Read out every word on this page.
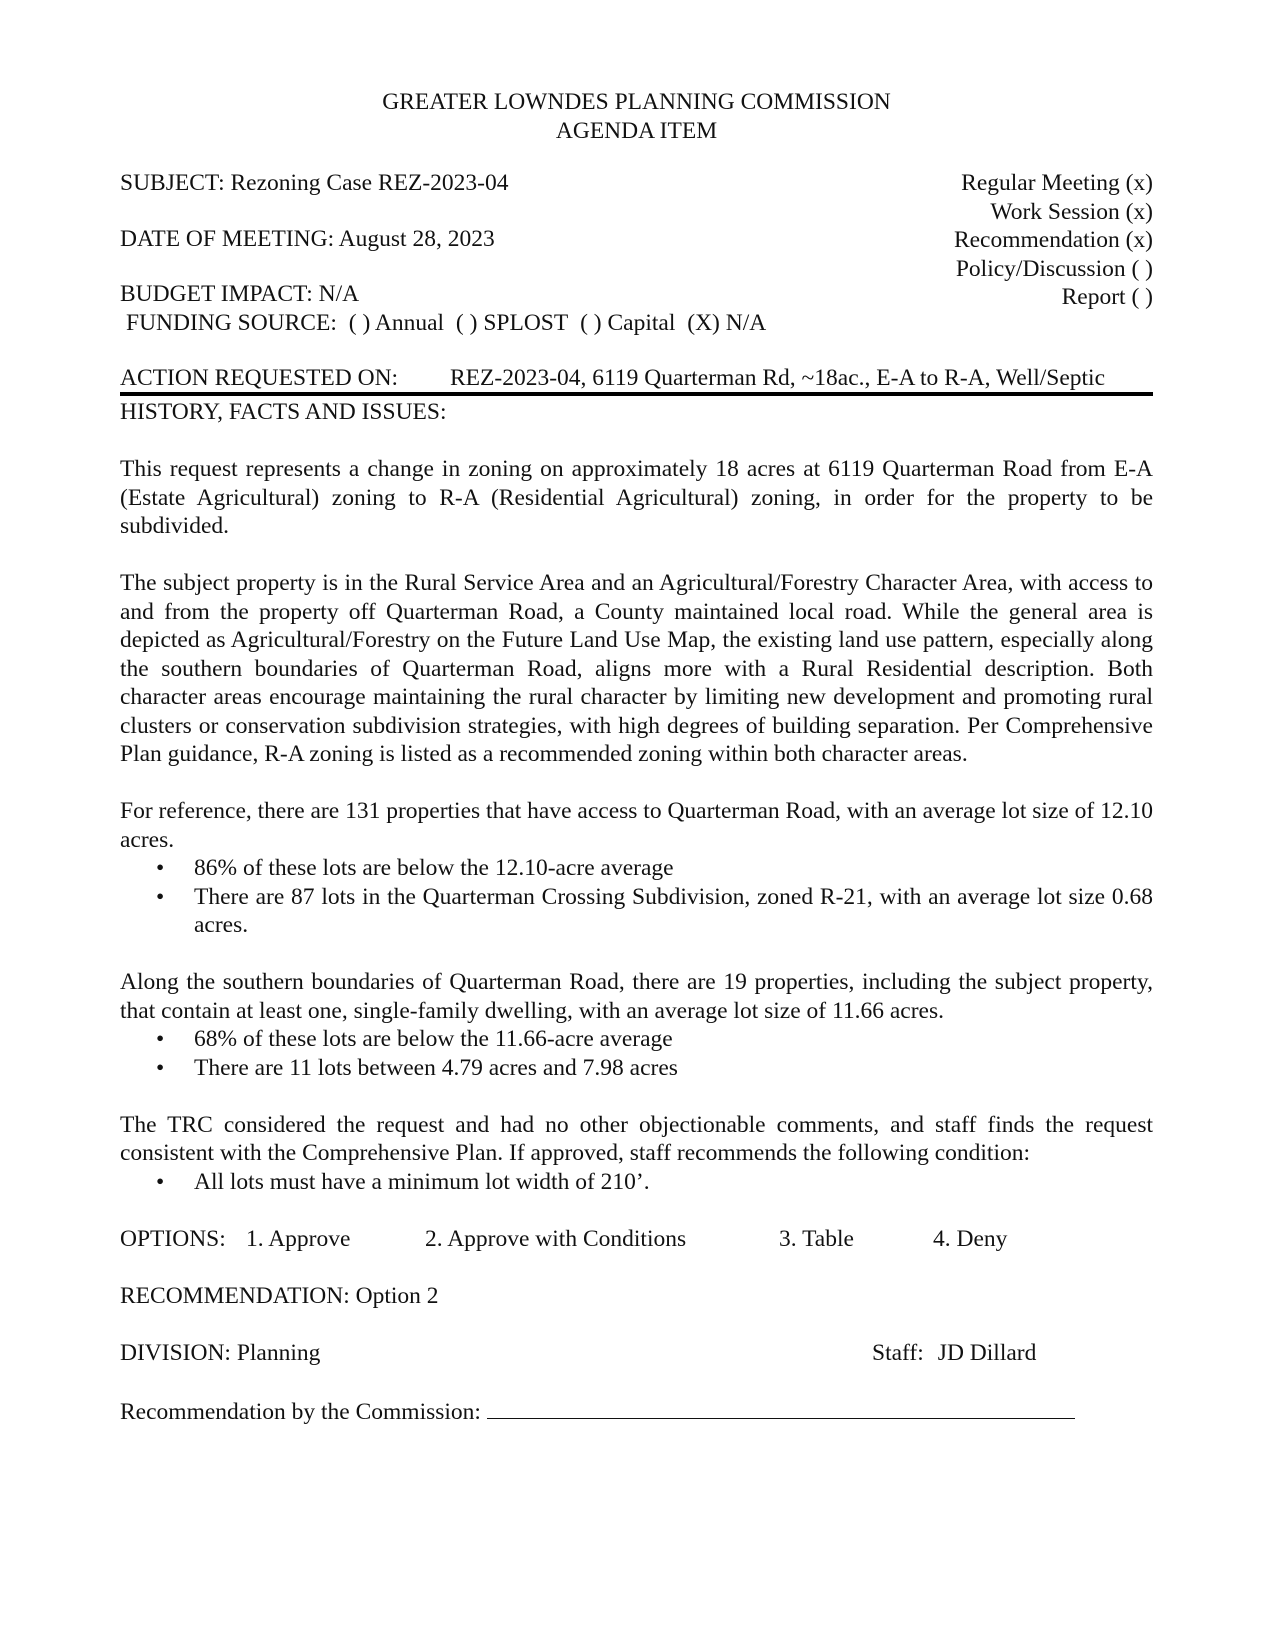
GREATER LOWNDES PLANNING COMMISSION
AGENDA ITEM
SUBJECT: Rezoning Case REZ-2023-04
DATE OF MEETING: August 28, 2023
BUDGET IMPACT: N/A
Regular Meeting (x)
Work Session (x)
Recommendation (x)
Policy/Discussion ( )
Report ( )
FUNDING SOURCE: ( ) Annual ( ) SPLOST ( ) Capital (X) N/A
ACTION REQUESTED ON:	REZ-2023-04, 6119 Quarterman Rd, ~18ac., E-A to R-A, Well/Septic
HISTORY, FACTS AND ISSUES:

This request represents a change in zoning on approximately 18 acres at 6119 Quarterman Road from E-A (Estate Agricultural) zoning to R-A (Residential Agricultural) zoning, in order for the property to be subdivided.

The subject property is in the Rural Service Area and an Agricultural/Forestry Character Area, with access to and from the property off Quarterman Road, a County maintained local road. While the general area is depicted as Agricultural/Forestry on the Future Land Use Map, the existing land use pattern, especially along the southern boundaries of Quarterman Road, aligns more with a Rural Residential description. Both character areas encourage maintaining the rural character by limiting new development and promoting rural clusters or conservation subdivision strategies, with high degrees of building separation. Per Comprehensive Plan guidance, R-A zoning is listed as a recommended zoning within both character areas.

For reference, there are 131 properties that have access to Quarterman Road, with an average lot size of 12.10 acres.

• 86% of these lots are below the 12.10-acre average
• There are 87 lots in the Quarterman Crossing Subdivision, zoned R-21, with an average lot size 0.68 acres.

Along the southern boundaries of Quarterman Road, there are 19 properties, including the subject property, that contain at least one, single-family dwelling, with an average lot size of 11.66 acres.

• 68% of these lots are below the 11.66-acre average
• There are 11 lots between 4.79 acres and 7.98 acres

The TRC considered the request and had no other objectionable comments, and staff finds the request consistent with the Comprehensive Plan. If approved, staff recommends the following condition:

• All lots must have a minimum lot width of 210’.
OPTIONS: 1. Approve	2. Approve with Conditions	3. Table	4. Deny
RECOMMENDATION: Option 2
DIVISION: Planning	Staff: JD Dillard
Recommendation by the Commission:
